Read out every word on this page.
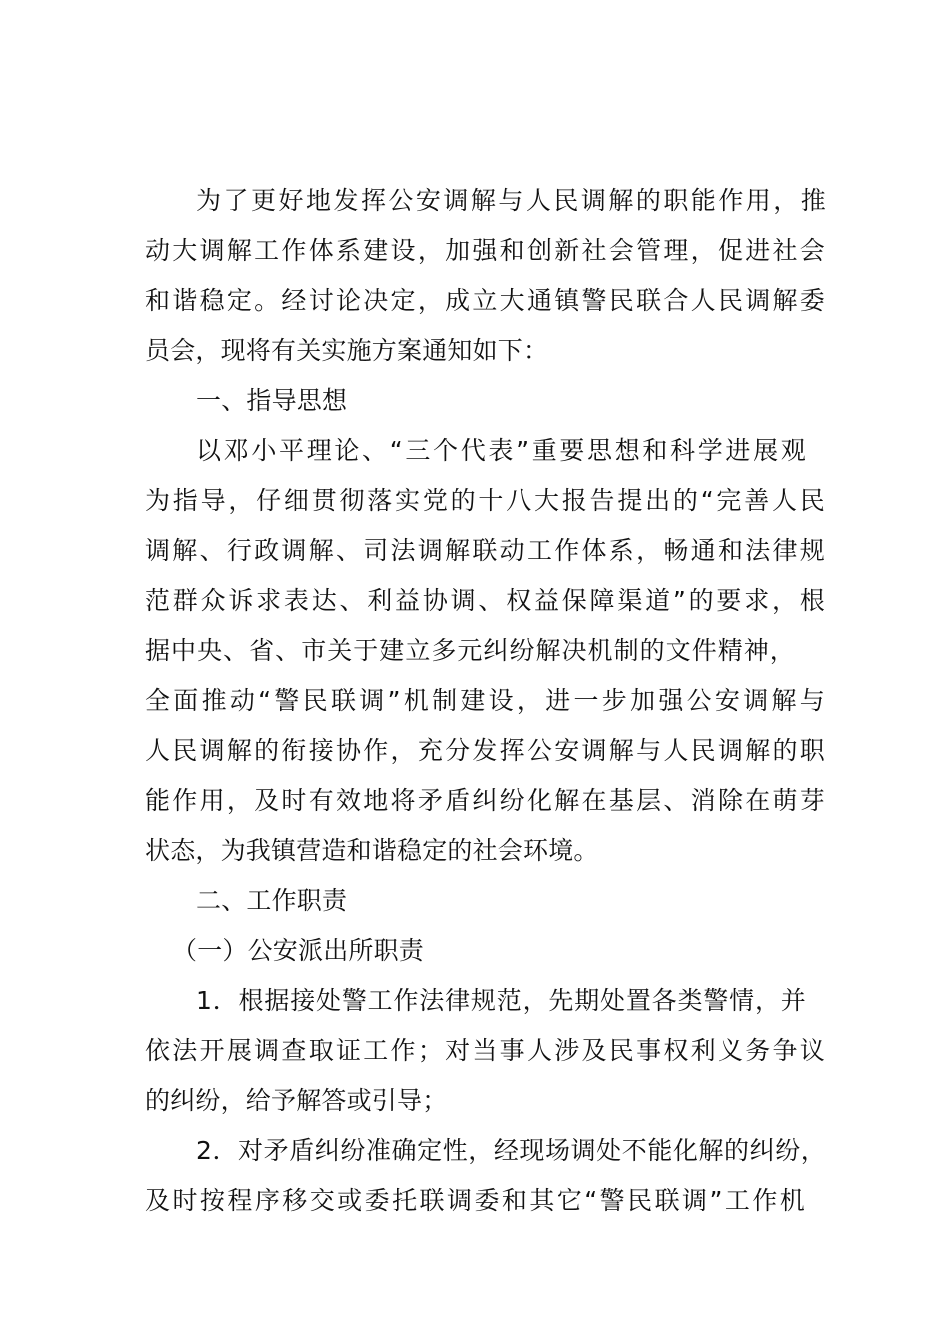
为了更好地发挥公安调解与人民调解的职能作用，推
动大调解工作体系建设，加强和创新社会管理，促进社会
和谐稳定。经讨论决定，成立大通镇警民联合人民调解委
员会，现将有关实施方案通知如下：
一、指导思想
以邓小平理论、“三个代表”重要思想和科学进展观
为指导，仔细贯彻落实党的十八大报告提出的“完善人民
调解、行政调解、司法调解联动工作体系，畅通和法律规
范群众诉求表达、利益协调、权益保障渠道”的要求，根
据中央、省、市关于建立多元纠纷解决机制的文件精神，
全面推动“警民联调”机制建设，进一步加强公安调解与
人民调解的衔接协作，充分发挥公安调解与人民调解的职
能作用，及时有效地将矛盾纠纷化解在基层、消除在萌芽
状态，为我镇营造和谐稳定的社会环境。
二、工作职责
（一）公安派出所职责
1．根据接处警工作法律规范，先期处置各类警情，并
依法开展调查取证工作；对当事人涉及民事权利义务争议
的纠纷，给予解答或引导；
2．对矛盾纠纷准确定性，经现场调处不能化解的纠纷，
及时按程序移交或委托联调委和其它“警民联调”工作机
